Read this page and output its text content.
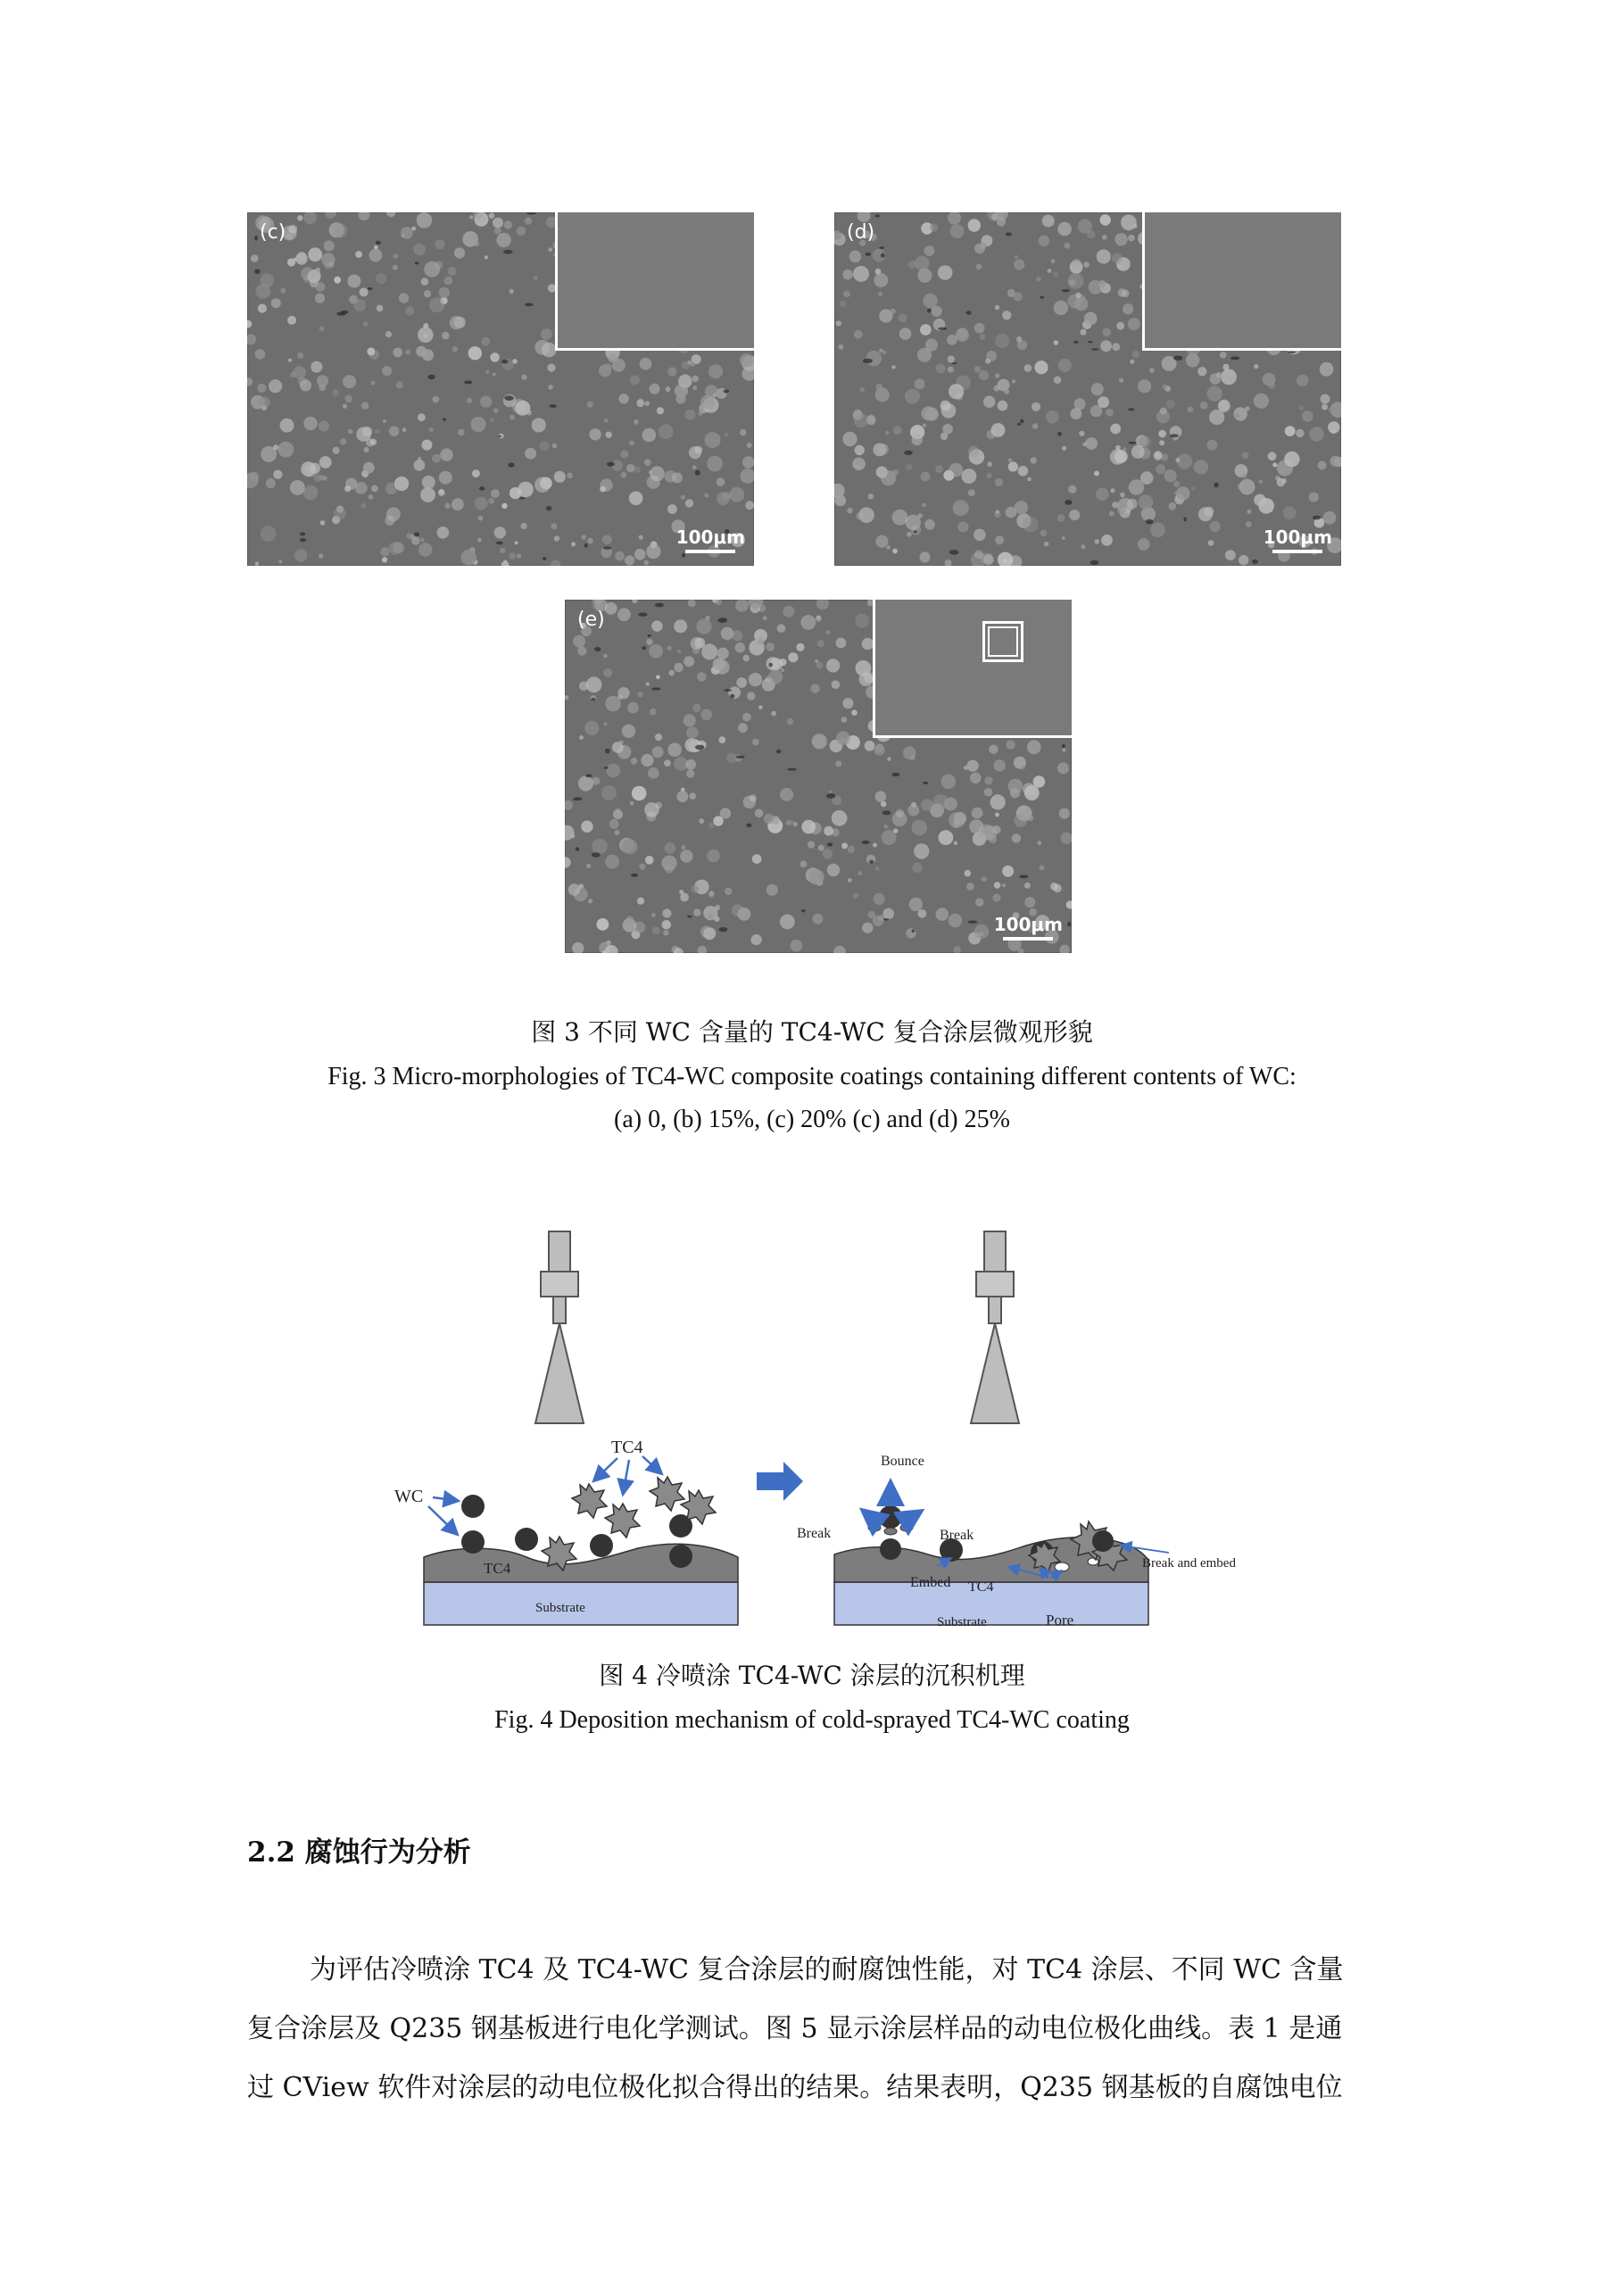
(c)
100μm
(d)
100μm
(e)
100μm
图 3 不同 WC 含量的 TC4-WC 复合涂层微观形貌
Fig. 3 Micro-morphologies of TC4-WC composite coatings containing different contents of WC:
(a) 0, (b) 15%, (c) 20% (c) and (d) 25%
TC4
Substrate
TC4
WC
Bounce
Break	Break
Break and embed
Embed TC4
Substrate	Pore
图 4 冷喷涂 TC4-WC 涂层的沉积机理
Fig. 4 Deposition mechanism of cold-sprayed TC4-WC coating
2.2 腐蚀行为分析
为评估冷喷涂 TC4 及 TC4-WC 复合涂层的耐腐蚀性能，对 TC4 涂层、不同 WC 含量
复合涂层及 Q235 钢基板进行电化学测试。图 5 显示涂层样品的动电位极化曲线。表 1 是通
过 CView 软件对涂层的动电位极化拟合得出的结果。结果表明，Q235 钢基板的自腐蚀电位
